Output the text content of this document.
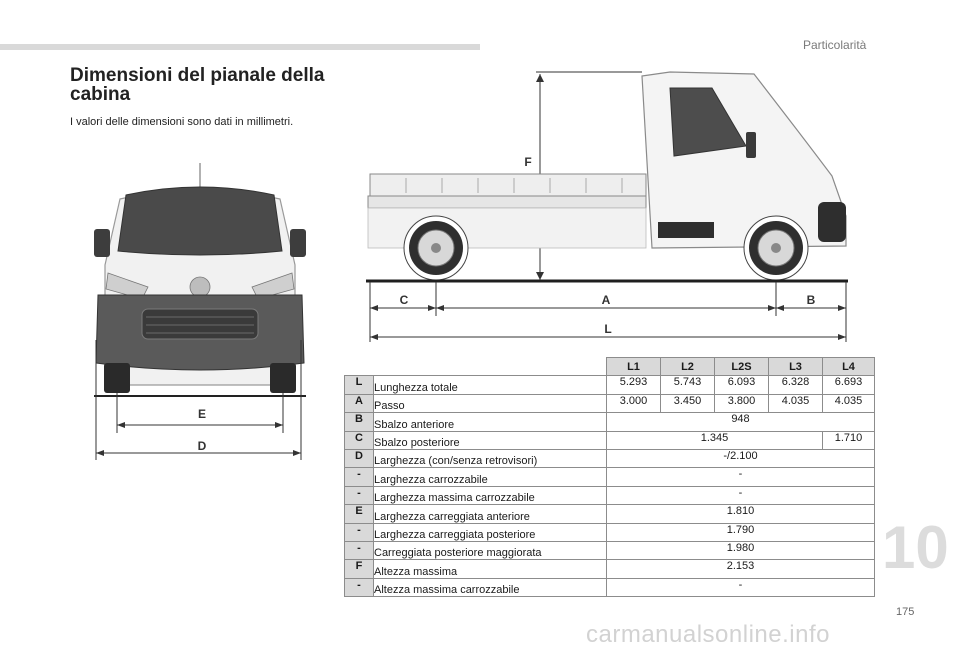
Particolarità
Dimensioni del pianale della cabina
I valori delle dimensioni sono dati in millimetri.
E
D
F
C	A	B
L
		L1	L2	L2S	L3	L4
L	Lunghezza totale	5.293	5.743	6.093	6.328	6.693
A	Passo	3.000	3.450	3.800	4.035	4.035
B	Sbalzo anteriore	948				
C	Sbalzo posteriore	1.345				1.710
D	Larghezza (con/senza retrovisori)	-/2.100				
-	Larghezza carrozzabile	-				
-	Larghezza massima carrozzabile	-				
E	Larghezza carreggiata anteriore	1.810				
-	Larghezza carreggiata posteriore	1.790				
-	Carreggiata posteriore maggiorata	1.980				
F	Altezza massima	2.153				
-	Altezza massima carrozzabile	-				
10
175
carmanualsonline.info
